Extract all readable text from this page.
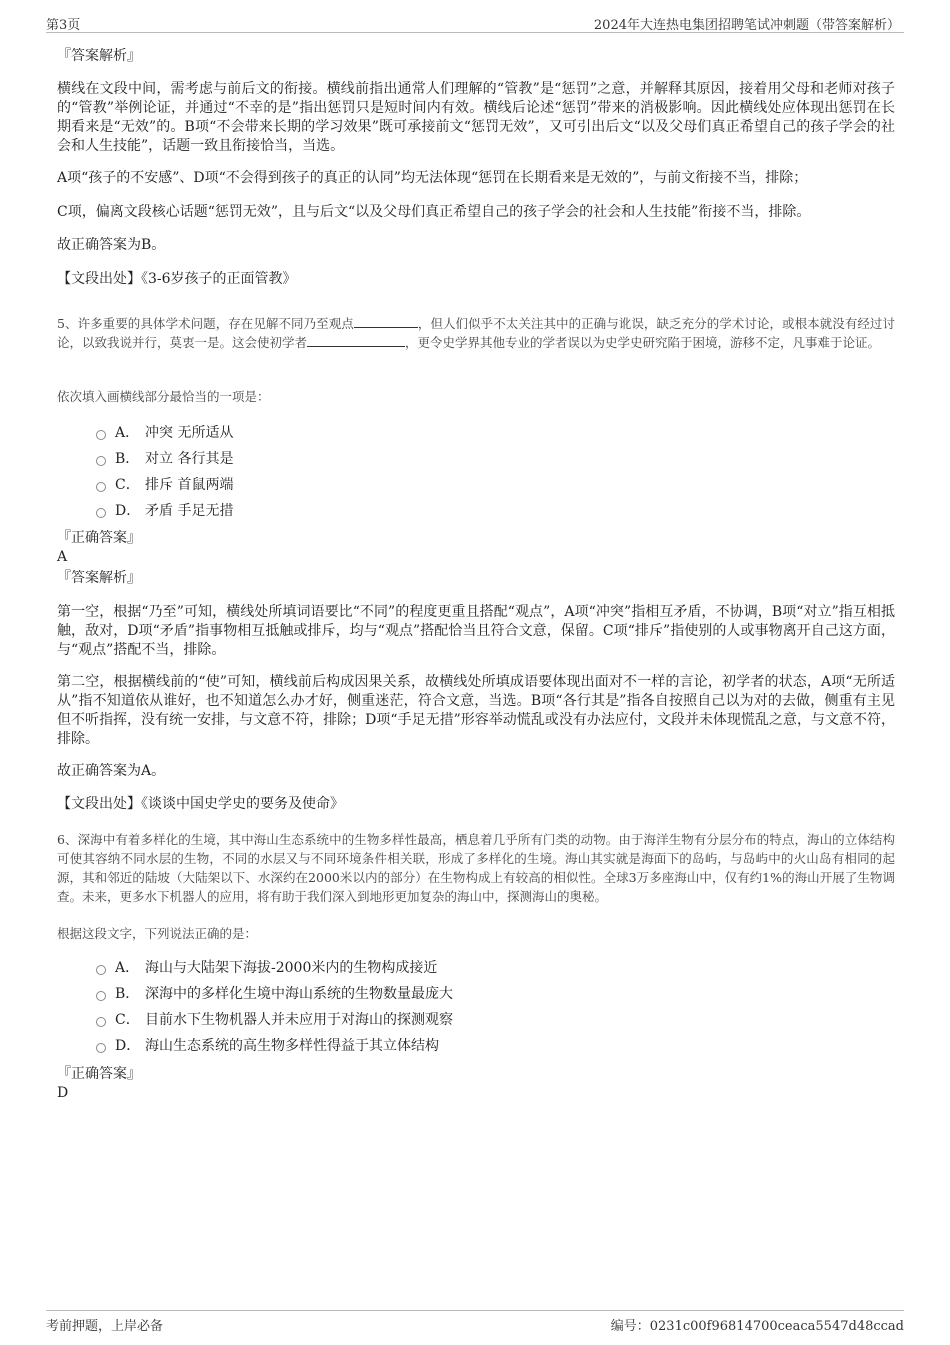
第3页	2024年大连热电集团招聘笔试冲刺题（带答案解析）
『答案解析』
横线在文段中间，需考虑与前后文的衔接。横线前指出通常人们理解的“管教”是“惩罚”之意，并解释其原因，接着用父母和老师对孩子的“管教”举例论证，并通过“不幸的是”指出惩罚只是短时间内有效。横线后论述“惩罚”带来的消极影响。因此横线处应体现出惩罚在长期看来是“无效”的。B项“不会带来长期的学习效果”既可承接前文“惩罚无效”，又可引出后文“以及父母们真正希望自己的孩子学会的社会和人生技能”，话题一致且衔接恰当，当选。
A项“孩子的不安感”、D项“不会得到孩子的真正的认同”均无法体现“惩罚在长期看来是无效的”，与前文衔接不当，排除；
C项，偏离文段核心话题“惩罚无效”，且与后文“以及父母们真正希望自己的孩子学会的社会和人生技能”衔接不当，排除。
故正确答案为B。
【文段出处】《3-6岁孩子的正面管教》
5、许多重要的具体学术问题，存在见解不同乃至观点	，但人们似乎不太关注其中的正确与讹误，缺乏充分的学术讨论，或根本就没有经过讨论，以致我说并行，莫衷一是。这会使初学者	，更令史学界其他专业的学者误以为史学史研究陷于困境，游移不定，凡事难于论证。
依次填入画横线部分最恰当的一项是：
A． 冲突 无所适从
B． 对立 各行其是
C． 排斥 首鼠两端
D． 矛盾 手足无措
『正确答案』
A
『答案解析』
第一空，根据“乃至”可知，横线处所填词语要比“不同”的程度更重且搭配“观点”，A项“冲突”指相互矛盾，不协调，B项“对立”指互相抵触，敌对，D项“矛盾”指事物相互抵触或排斥，均与“观点”搭配恰当且符合文意，保留。C项“排斥”指使别的人或事物离开自己这方面，与“观点”搭配不当，排除。
第二空，根据横线前的“使”可知，横线前后构成因果关系，故横线处所填成语要体现出面对不一样的言论，初学者的状态，A项“无所适从”指不知道依从谁好，也不知道怎么办才好，侧重迷茫，符合文意，当选。B项“各行其是”指各自按照自己以为对的去做，侧重有主见但不听指挥，没有统一安排，与文意不符，排除；D项“手足无措”形容举动慌乱或没有办法应付，文段并未体现慌乱之意，与文意不符，排除。
故正确答案为A。
【文段出处】《谈谈中国史学史的要务及使命》
6、深海中有着多样化的生境，其中海山生态系统中的生物多样性最高，栖息着几乎所有门类的动物。由于海洋生物有分层分布的特点，海山的立体结构可使其容纳不同水层的生物，不同的水层又与不同环境条件相关联，形成了多样化的生境。海山其实就是海面下的岛屿，与岛屿中的火山岛有相同的起源，其和邻近的陆坡（大陆架以下、水深约在2000米以内的部分）在生物构成上有较高的相似性。全球3万多座海山中，仅有约1%的海山开展了生物调查。未来，更多水下机器人的应用，将有助于我们深入到地形更加复杂的海山中，探测海山的奥秘。
根据这段文字，下列说法正确的是：
A． 海山与大陆架下海拔-2000米内的生物构成接近
B． 深海中的多样化生境中海山系统的生物数量最庞大
C． 目前水下生物机器人并未应用于对海山的探测观察
D． 海山生态系统的高生物多样性得益于其立体结构
『正确答案』
D
考前押题，上岸必备	编号：0231c00f96814700ceaca5547d48ccad
